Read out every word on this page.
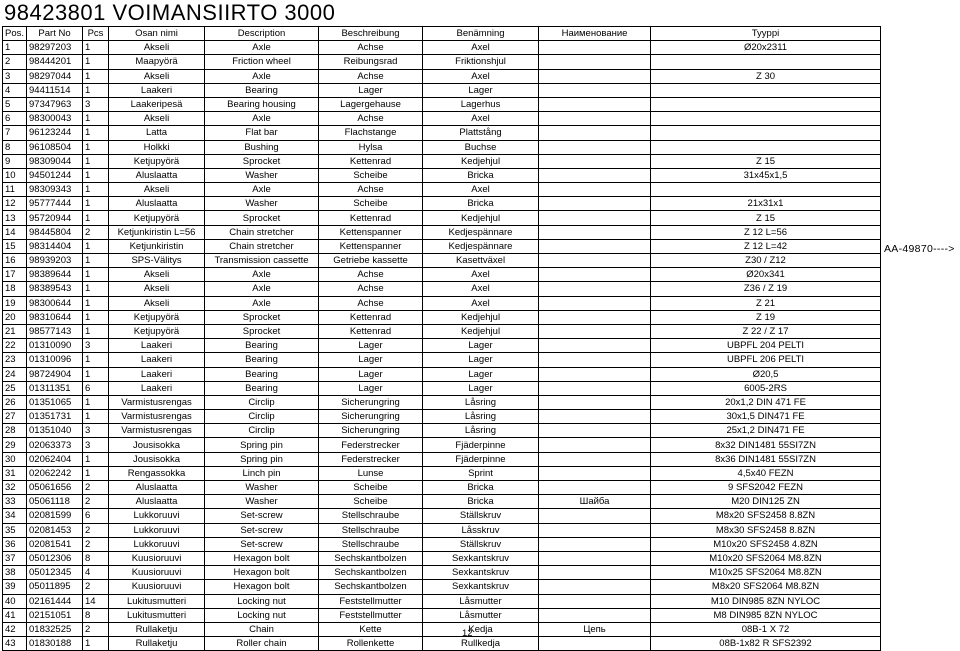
98423801 VOIMANSIIRTO 3000
Pos.	Part No	Pcs	Osan nimi	Description	Beschreibung	Benämning	Наименование	Tyyppi
1	98297203	1	Akseli	Axle	Achse	Axel		Ø20x2311
2	98444201	1	Maapyörä	Friction wheel	Reibungsrad	Friktionshjul		
3	98297044	1	Akseli	Axle	Achse	Axel		Z 30
4	94411514	1	Laakeri	Bearing	Lager	Lager		
5	97347963	3	Laakeripesä	Bearing housing	Lagergehause	Lagerhus		
6	98300043	1	Akseli	Axle	Achse	Axel		
7	96123244	1	Latta	Flat bar	Flachstange	Plattstång		
8	96108504	1	Holkki	Bushing	Hylsa	Buchse		
9	98309044	1	Ketjupyörä	Sprocket	Kettenrad	Kedjehjul		Z 15
10	94501244	1	Aluslaatta	Washer	Scheibe	Bricka		31x45x1,5
11	98309343	1	Akseli	Axle	Achse	Axel		
12	95777444	1	Aluslaatta	Washer	Scheibe	Bricka		21x31x1
13	95720944	1	Ketjupyörä	Sprocket	Kettenrad	Kedjehjul		Z 15
14	98445804	2	Ketjunkiristin L=56	Chain stretcher	Kettenspanner	Kedjespännare		Z 12 L=56
15	98314404	1	Ketjunkiristin	Chain stretcher	Kettenspanner	Kedjespännare		Z 12 L=42
16	98939203	1	SPS-Välitys	Transmission cassette	Getriebe kassette	Kasettväxel		Z30 / Z12
17	98389644	1	Akseli	Axle	Achse	Axel		Ø20x341
18	98389543	1	Akseli	Axle	Achse	Axel		Z36 / Z 19
19	98300644	1	Akseli	Axle	Achse	Axel		Z 21
20	98310644	1	Ketjupyörä	Sprocket	Kettenrad	Kedjehjul		Z 19
21	98577143	1	Ketjupyörä	Sprocket	Kettenrad	Kedjehjul		Z 22 / Z 17
22	01310090	3	Laakeri	Bearing	Lager	Lager		UBPFL 204 PELTI
23	01310096	1	Laakeri	Bearing	Lager	Lager		UBPFL 206 PELTI
24	98724904	1	Laakeri	Bearing	Lager	Lager		Ø20,5
25	01311351	6	Laakeri	Bearing	Lager	Lager		6005-2RS
26	01351065	1	Varmistusrengas	Circlip	Sicherungring	Låsring		20x1,2 DIN 471 FE
27	01351731	1	Varmistusrengas	Circlip	Sicherungring	Låsring		30x1,5 DIN471 FE
28	01351040	3	Varmistusrengas	Circlip	Sicherungring	Låsring		25x1,2 DIN471 FE
29	02063373	3	Jousisokka	Spring pin	Federstrecker	Fjäderpinne		8x32 DIN1481 55SI7ZN
30	02062404	1	Jousisokka	Spring pin	Federstrecker	Fjäderpinne		8x36 DIN1481 55SI7ZN
31	02062242	1	Rengassokka	Linch pin	Lunse	Sprint		4,5x40 FEZN
32	05061656	2	Aluslaatta	Washer	Scheibe	Bricka		9 SFS2042 FEZN
33	05061118	2	Aluslaatta	Washer	Scheibe	Bricka	Шайба	M20 DIN125 ZN
34	02081599	6	Lukkoruuvi	Set-screw	Stellschraube	Ställskruv		M8x20 SFS2458 8.8ZN
35	02081453	2	Lukkoruuvi	Set-screw	Stellschraube	Låsskruv		M8x30 SFS2458 8.8ZN
36	02081541	2	Lukkoruuvi	Set-screw	Stellschraube	Ställskruv		M10x20 SFS2458 4.8ZN
37	05012306	8	Kuusioruuvi	Hexagon bolt	Sechskantbolzen	Sexkantskruv		M10x20 SFS2064 M8.8ZN
38	05012345	4	Kuusioruuvi	Hexagon bolt	Sechskantbolzen	Sexkantskruv		M10x25 SFS2064 M8.8ZN
39	05011895	2	Kuusioruuvi	Hexagon bolt	Sechskantbolzen	Sexkantskruv		M8x20 SFS2064 M8.8ZN
40	02161444	14	Lukitusmutteri	Locking nut	Feststellmutter	Låsmutter		M10 DIN985 8ZN NYLOC
41	02151051	8	Lukitusmutteri	Locking nut	Feststellmutter	Låsmutter		M8 DIN985 8ZN NYLOC
42	01832525	2	Rullaketju	Chain	Kette	Kedja	Цепь	08B-1 X 72
43	01830188	1	Rullaketju	Roller chain	Rollenkette	Rullkedja		08B-1x82 R SFS2392
AA-49870---->
12
